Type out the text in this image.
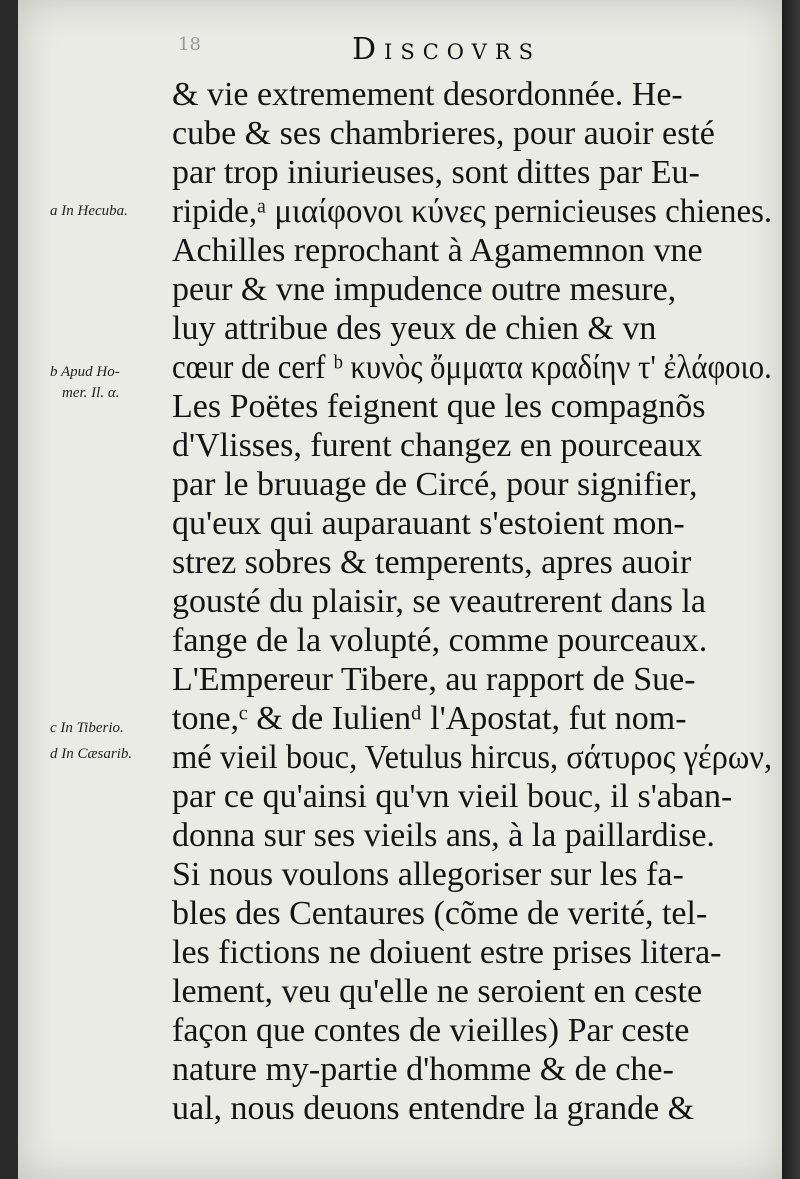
18	Discovrs
& vie extremement desordonnée. He-
cube & ses chambrieres, pour auoir esté
par trop iniurieuses, sont dittes par Eu-
ripide,ᵃ μιαίφονοι κύνες pernicieuses chienes.
Achilles reprochant à Agamemnon vne
peur & vne impudence outre mesure,
luy attribue des yeux de chien & vn
cœur de cerf ᵇ κυνὸς ὄμματα κραδίην τ' ἐλάφοιο.
Les Poëtes feignent que les compagnõs
d'Vlisses, furent changez en pourceaux
par le bruuage de Circé, pour signifier,
qu'eux qui auparauant s'estoient mon-
strez sobres & temperents, apres auoir
gousté du plaisir, se veautrerent dans la
fange de la volupté, comme pourceaux.
L'Empereur Tibere, au rapport de Sue-
tone,ᶜ & de Iulienᵈ l'Apostat, fut nom-
mé vieil bouc, Vetulus hircus, σάτυρος γέρων,
par ce qu'ainsi qu'vn vieil bouc, il s'aban-
donna sur ses vieils ans, à la paillardise.
Si nous voulons allegoriser sur les fa-
bles des Centaures (cõme de verité, tel-
les fictions ne doiuent estre prises litera-
lement, veu qu'elle ne seroient en ceste
façon que contes de vieilles) Par ceste
nature my-partie d'homme & de che-
ual, nous deuons entendre la grande &
a In Hecuba.
b Apud Ho-
mer. Il. α.
c In Tiberio.
d In Cæsarib.
